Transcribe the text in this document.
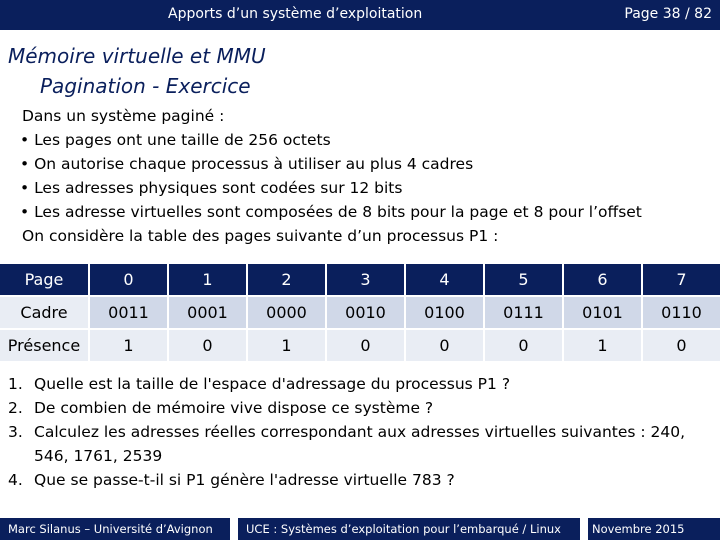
Apports d’un système d’exploitation	Page 38 / 82
Mémoire virtuelle et MMU
Pagination - Exercice
Dans un système paginé :
• Les pages ont une taille de 256 octets
• On autorise chaque processus à utiliser au plus 4 cadres
• Les adresses physiques sont codées sur 12 bits
• Les adresse virtuelles sont composées de 8 bits pour la page et 8 pour l’offset
On considère la table des pages suivante d’un processus P1 :
Page	0	1	2	3	4	5	6	7
Cadre	0011	0001	0000	0010	0100	0111	0101	0110
Présence	1	0	1	0	0	0	1	0
1. Quelle est la taille de l'espace d'adressage du processus P1 ?
2. De combien de mémoire vive dispose ce système ?
3. Calculez les adresses réelles correspondant aux adresses virtuelles suivantes : 240, 546, 1761, 2539
4. Que se passe-t-il si P1 génère l'adresse virtuelle 783 ?
Marc Silanus – Université d’Avignon	UCE : Systèmes d’exploitation pour l’embarqué / Linux	Novembre 2015
